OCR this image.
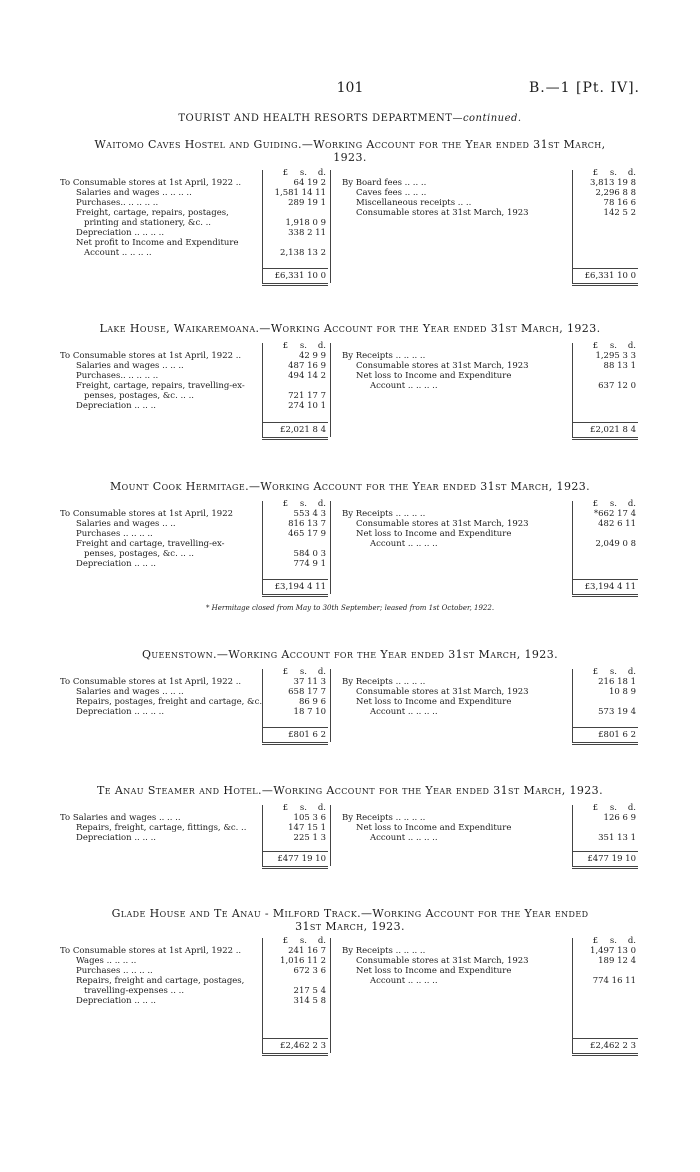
101	B.—1 [Pt. IV].
TOURIST AND HEALTH RESORTS DEPARTMENT—continued.
Waitomo Caves Hostel and Guiding.—Working Account for the Year ended 31st March,
1923.
£ s. d.	£ s. d.
To Consumable stores at 1st April, 1922 ..	64 19 2
Salaries and wages .. .. .. ..	1,581 14 11
Purchases.. .. .. .. ..	289 19 1
Freight, cartage, repairs, postages,
printing and stationery, &c. ..	1,918 0 9
Depreciation .. .. .. ..	338 2 11
Net profit to Income and Expenditure
Account .. .. .. ..	2,138 13 2
By Board fees .. .. ..	3,813 19 8
Caves fees .. .. ..	2,296 8 8
Miscellaneous receipts .. ..	78 16 6
Consumable stores at 31st March, 1923	142 5 2
£6,331 10 0	£6,331 10 0
Lake House, Waikaremoana.—Working Account for the Year ended 31st March, 1923.
£ s. d.	£ s. d.
To Consumable stores at 1st April, 1922 ..	42 9 9
Salaries and wages .. .. ..	487 16 9
Purchases.. .. .. .. ..	494 14 2
Freight, cartage, repairs, travelling-ex-
penses, postages, &c. .. ..	721 17 7
Depreciation .. .. ..	274 10 1
By Receipts .. .. .. ..	1,295 3 3
Consumable stores at 31st March, 1923	88 13 1
Net loss to Income and Expenditure
Account .. .. .. ..	637 12 0
£2,021 8 4	£2,021 8 4
Mount Cook Hermitage.—Working Account for the Year ended 31st March, 1923.
£ s. d.	£ s. d.
To Consumable stores at 1st April, 1922	553 4 3
Salaries and wages .. ..	816 13 7
Purchases .. .. .. ..	465 17 9
Freight and cartage, travelling-ex-
penses, postages, &c. .. ..	584 0 3
Depreciation .. .. ..	774 9 1
By Receipts .. .. .. ..	*662 17 4
Consumable stores at 31st March, 1923	482 6 11
Net loss to Income and Expenditure
Account .. .. .. ..	2,049 0 8
£3,194 4 11	£3,194 4 11
Queenstown.—Working Account for the Year ended 31st March, 1923.
£ s. d.	£ s. d.
To Consumable stores at 1st April, 1922 ..	37 11 3
Salaries and wages .. .. ..	658 17 7
Repairs, postages, freight and cartage, &c.	86 9 6
Depreciation .. .. .. ..	18 7 10
By Receipts .. .. .. ..	216 18 1
Consumable stores at 31st March, 1923	10 8 9
Net loss to Income and Expenditure
Account .. .. .. ..	573 19 4
£801 6 2	£801 6 2
Te Anau Steamer and Hotel.—Working Account for the Year ended 31st March, 1923.
£ s. d.	£ s. d.
To Salaries and wages .. .. ..	105 3 6
Repairs, freight, cartage, fittings, &c. ..	147 15 1
Depreciation .. .. ..	225 1 3
By Receipts .. .. .. ..	126 6 9
Net loss to Income and Expenditure
Account .. .. .. ..	351 13 1
£477 19 10	£477 19 10
Glade House and Te Anau - Milford Track.—Working Account for the Year ended
31st March, 1923.
£ s. d.	£ s. d.
To Consumable stores at 1st April, 1922 ..	241 16 7
Wages .. .. .. ..	1,016 11 2
Purchases .. .. .. ..	672 3 6
Repairs, freight and cartage, postages,
travelling-expenses .. ..	217 5 4
Depreciation .. .. ..	314 5 8
By Receipts .. .. .. ..	1,497 13 0
Consumable stores at 31st March, 1923	189 12 4
Net loss to Income and Expenditure
Account .. .. .. ..	774 16 11
£2,462 2 3	£2,462 2 3
* Hermitage closed from May to 30th September; leased from 1st October, 1922.
